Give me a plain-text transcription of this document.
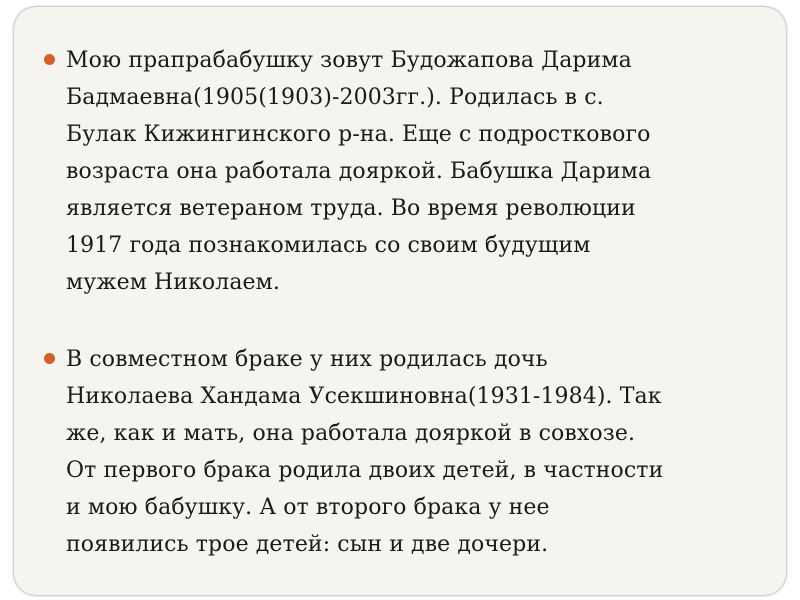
Мою прапрабабушку зовут Будожапова Дарима
Бадмаевна(1905(1903)-2003гг.). Родилась в с.
Булак Кижингинского р-на. Еще с подросткового
возраста она работала дояркой. Бабушка Дарима
является ветераном труда. Во время революции
1917 года познакомилась со своим будущим
мужем Николаем.
В совместном браке у них родилась дочь
Николаева Хандама Усекшиновна(1931-1984). Так
же, как и мать, она работала дояркой в совхозе.
От первого брака родила двоих детей, в частности
и мою бабушку. А от второго брака у нее
появились трое детей: сын и две дочери.
